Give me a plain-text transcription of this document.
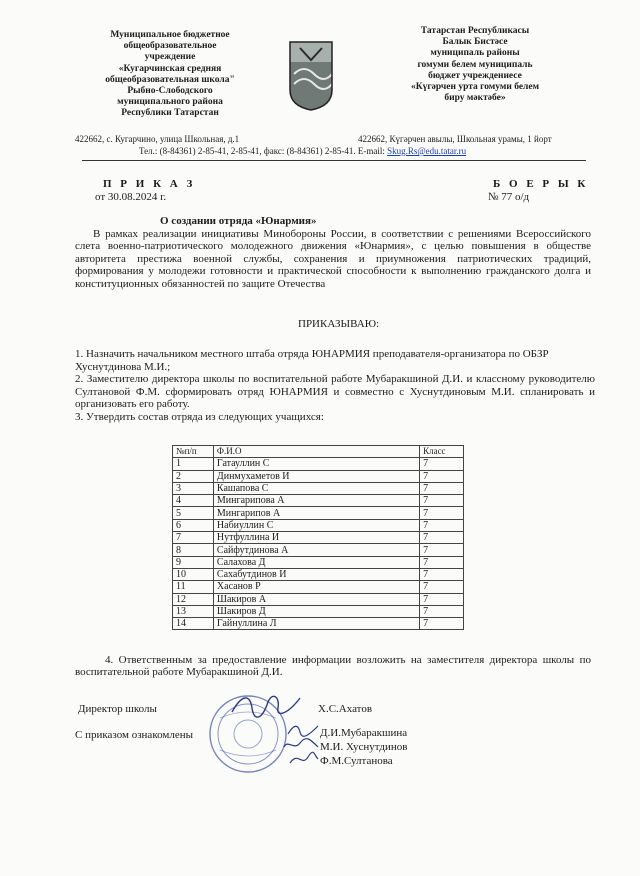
Муниципальное бюджетное
общеобразовательное
учреждение
«Кугарчинская средняя
общеобразовательная школа"
Рыбно-Слободского
муниципального района
Республики Татарстан
Татарстан Республикасы
Балык Бистәсе
муниципаль районы
гомуми белем муниципаль
бюджет учреждениесе
«Күгәрчен урта гомуми белем
биру мәктәбе»
422662, с. Кугарчино, улица Школьная, д.1	422662, Күгәрчен авылы, Школьная урамы, 1 йорт
Тел.: (8-84361) 2-85-41, 2-85-41, факс: (8-84361) 2-85-41. E-mail: Skug.Rs@edu.tatar.ru
П Р И К А З
от 30.08.2024 г.
Б О Е Р Ы К
№ 77 о/д
О создании отряда «Юнармия»

В рамках реализации инициативы Минобороны России, в соответствии с решениями Всероссийского слета военно-патриотического молодежного движения «Юнармия», с целью повышения в обществе авторитета престижа военной службы, сохранения и приумножения патриотических традиций, формирования у молодежи готовности и практической способности к выполнению гражданского долга и конституционных обязанностей по защите Отечества

ПРИКАЗЫВАЮ:
1. Назначить начальником местного штаба отряда ЮНАРМИЯ преподавателя-организатора по ОБЗР Хуснутдинова М.И.;
2. Заместителю директора школы по воспитательной работе Мубаракшиной Д.И. и классному руководителю Султановой Ф.М. сформировать отряд ЮНАРМИЯ и совместно с Хуснутдиновым М.И. спланировать и организовать его работу.
3. Утвердить состав отряда из следующих учащихся:
№п/п	Ф.И.О	Класс
1	Гатауллин С	7
2	Динмухаметов И	7
3	Кашапова С	7
4	Мингарипова А	7
5	Мингарипов А	7
6	Набиуллин С	7
7	Нутфуллина И	7
8	Сайфутдинова А	7
9	Салахова Д	7
10	Сахабутдинов И	7
11	Хасанов Р	7
12	Шакиров А	7
13	Шакиров Д	7
14	Гайнуллина Л	7
4. Ответственным за предоставление информации возложить на заместителя директора школы по воспитательной работе Мубаракшиной Д.И.
Директор школы	Х.С.Ахатов
С приказом ознакомлены	Д.И.Мубаракшина
М.И. Хуснутдинов
Ф.М.Султанова
